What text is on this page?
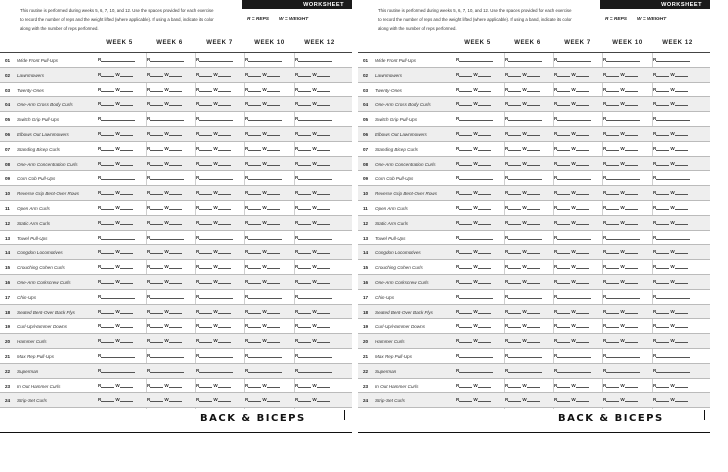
This routine is performed during weeks 5, 6, 7, 10, and 12. Use the spaces provided for each exercise to record the number of reps and the weight lifted (where applicable). If using a band, indicate its color along with the number of reps performed.
WORKSHEET
R = REPS W = WEIGHT
WEEK 5	WEEK 6	WEEK 7	WEEK 10	WEEK 12
01 Wide Front Pull-Ups	R	R	R	R	R
02 Lawnmowers	R	W	R	W	R	W	R	W	R	W
03 Twenty-Ones	R	W	R	W	R	W	R	W	R	W
04 One-Arm Cross Body Curls	R	W	R	W	R	W	R	W	R	W
05 Switch Grip Pull-Ups	R	R	R	R	R
06 Elbows Out Lawnmowers	R	W	R	W	R	W	R	W	R	W
07 Standing Bicep Curls	R	W	R	W	R	W	R	W	R	W
08 One-Arm Concentration Curls	R	W	R	W	R	W	R	W	R	W
09 Corn Cob Pull-Ups	R	R	R	R	R
10 Reverse Grip Bent-Over Rows	R	W	R	W	R	W	R	W	R	W
11 Open Arm Curls	R	W	R	W	R	W	R	W	R	W
12 Static Arm Curls	R	W	R	W	R	W	R	W	R	W
13 Towel Pull-Ups	R	R	R	R	R
14 Congdon Locomotives	R	W	R	W	R	W	R	W	R	W
15 Crouching Cohen Curls	R	W	R	W	R	W	R	W	R	W
16 One-Arm Corkscrew Curls	R	W	R	W	R	W	R	W	R	W
17 Chin-Ups	R	R	R	R	R
18 Seated Bent-Over Back Flys	R	W	R	W	R	W	R	W	R	W
19 Curl-Up/Hammer Downs	R	W	R	W	R	W	R	W	R	W
20 Hammer Curls	R	W	R	W	R	W	R	W	R	W
21 Max Rep Pull-Ups	R	R	R	R	R
22 Superman	R	R	R	R	R
23 In Out Hammer Curls	R	W	R	W	R	W	R	W	R	W
24 Strip-Set Curls	R	W	R	W	R	W	R	W	R	W
BACK & BICEPS
This routine is performed during weeks 5, 6, 7, 10, and 12. Use the spaces provided for each exercise to record the number of reps and the weight lifted (where applicable). If using a band, indicate its color along with the number of reps performed.
WORKSHEET
R = REPS W = WEIGHT
WEEK 5	WEEK 6	WEEK 7	WEEK 10	WEEK 12
01 Wide Front Pull-Ups	R	R	R	R	R
02 Lawnmowers	R	W	R	W	R	W	R	W	R	W
03 Twenty-Ones	R	W	R	W	R	W	R	W	R	W
04 One-Arm Cross Body Curls	R	W	R	W	R	W	R	W	R	W
05 Switch Grip Pull-Ups	R	R	R	R	R
06 Elbows Out Lawnmowers	R	W	R	W	R	W	R	W	R	W
07 Standing Bicep Curls	R	W	R	W	R	W	R	W	R	W
08 One-Arm Concentration Curls	R	W	R	W	R	W	R	W	R	W
09 Corn Cob Pull-Ups	R	R	R	R	R
10 Reverse Grip Bent-Over Rows	R	W	R	W	R	W	R	W	R	W
11 Open Arm Curls	R	W	R	W	R	W	R	W	R	W
12 Static Arm Curls	R	W	R	W	R	W	R	W	R	W
13 Towel Pull-Ups	R	R	R	R	R
14 Congdon Locomotives	R	W	R	W	R	W	R	W	R	W
15 Crouching Cohen Curls	R	W	R	W	R	W	R	W	R	W
16 One-Arm Corkscrew Curls	R	W	R	W	R	W	R	W	R	W
17 Chin-Ups	R	R	R	R	R
18 Seated Bent-Over Back Flys	R	W	R	W	R	W	R	W	R	W
19 Curl-Up/Hammer Downs	R	W	R	W	R	W	R	W	R	W
20 Hammer Curls	R	W	R	W	R	W	R	W	R	W
21 Max Rep Pull-Ups	R	R	R	R	R
22 Superman	R	R	R	R	R
23 In Out Hammer Curls	R	W	R	W	R	W	R	W	R	W
24 Strip-Set Curls	R	W	R	W	R	W	R	W	R	W
BACK & BICEPS
